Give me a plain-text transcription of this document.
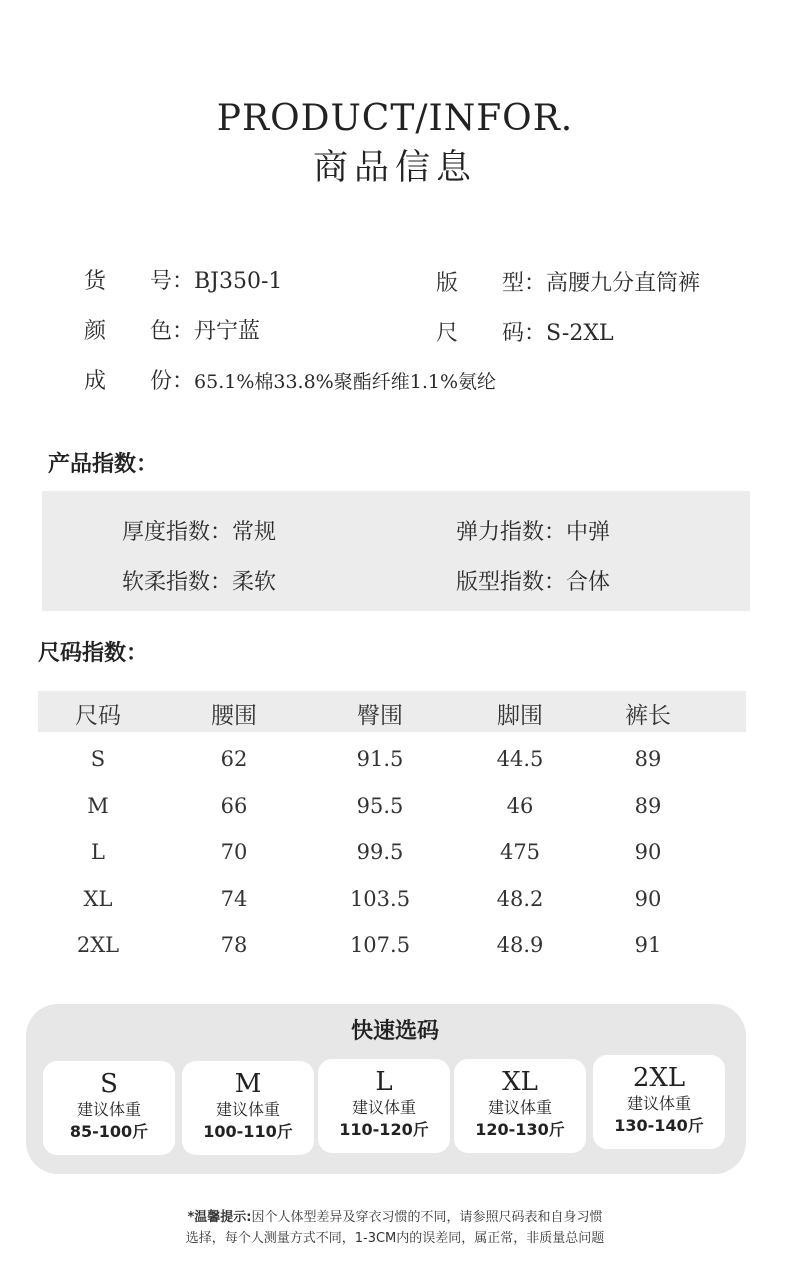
PRODUCT/INFOR.
商品信息
货　　号：BJ350-1	版　　型：高腰九分直筒裤
颜　　色：丹宁蓝	尺　　码：S-2XL
成　　份：65.1%棉33.8%聚酯纤维1.1%氨纶
产品指数：
厚度指数：常规	弹力指数：中弹
软柔指数：柔软	版型指数：合体
尺码指数：
尺码	腰围	臀围	脚围	裤长
S	62	91.5	44.5	89
M	66	95.5	46	89
L	70	99.5	475	90
XL	74	103.5	48.2	90
2XL	78	107.5	48.9	91
快速选码
S
建议体重
85-100斤
M
建议体重
100-110斤
L
建议体重
110-120斤
XL
建议体重
120-130斤
2XL
建议体重
130-140斤
*温馨提示:因个人体型差异及穿衣习惯的不同，请参照尺码表和自身习惯
选择，每个人测量方式不同，1-3CM内的误差同，属正常，非质量总问题
